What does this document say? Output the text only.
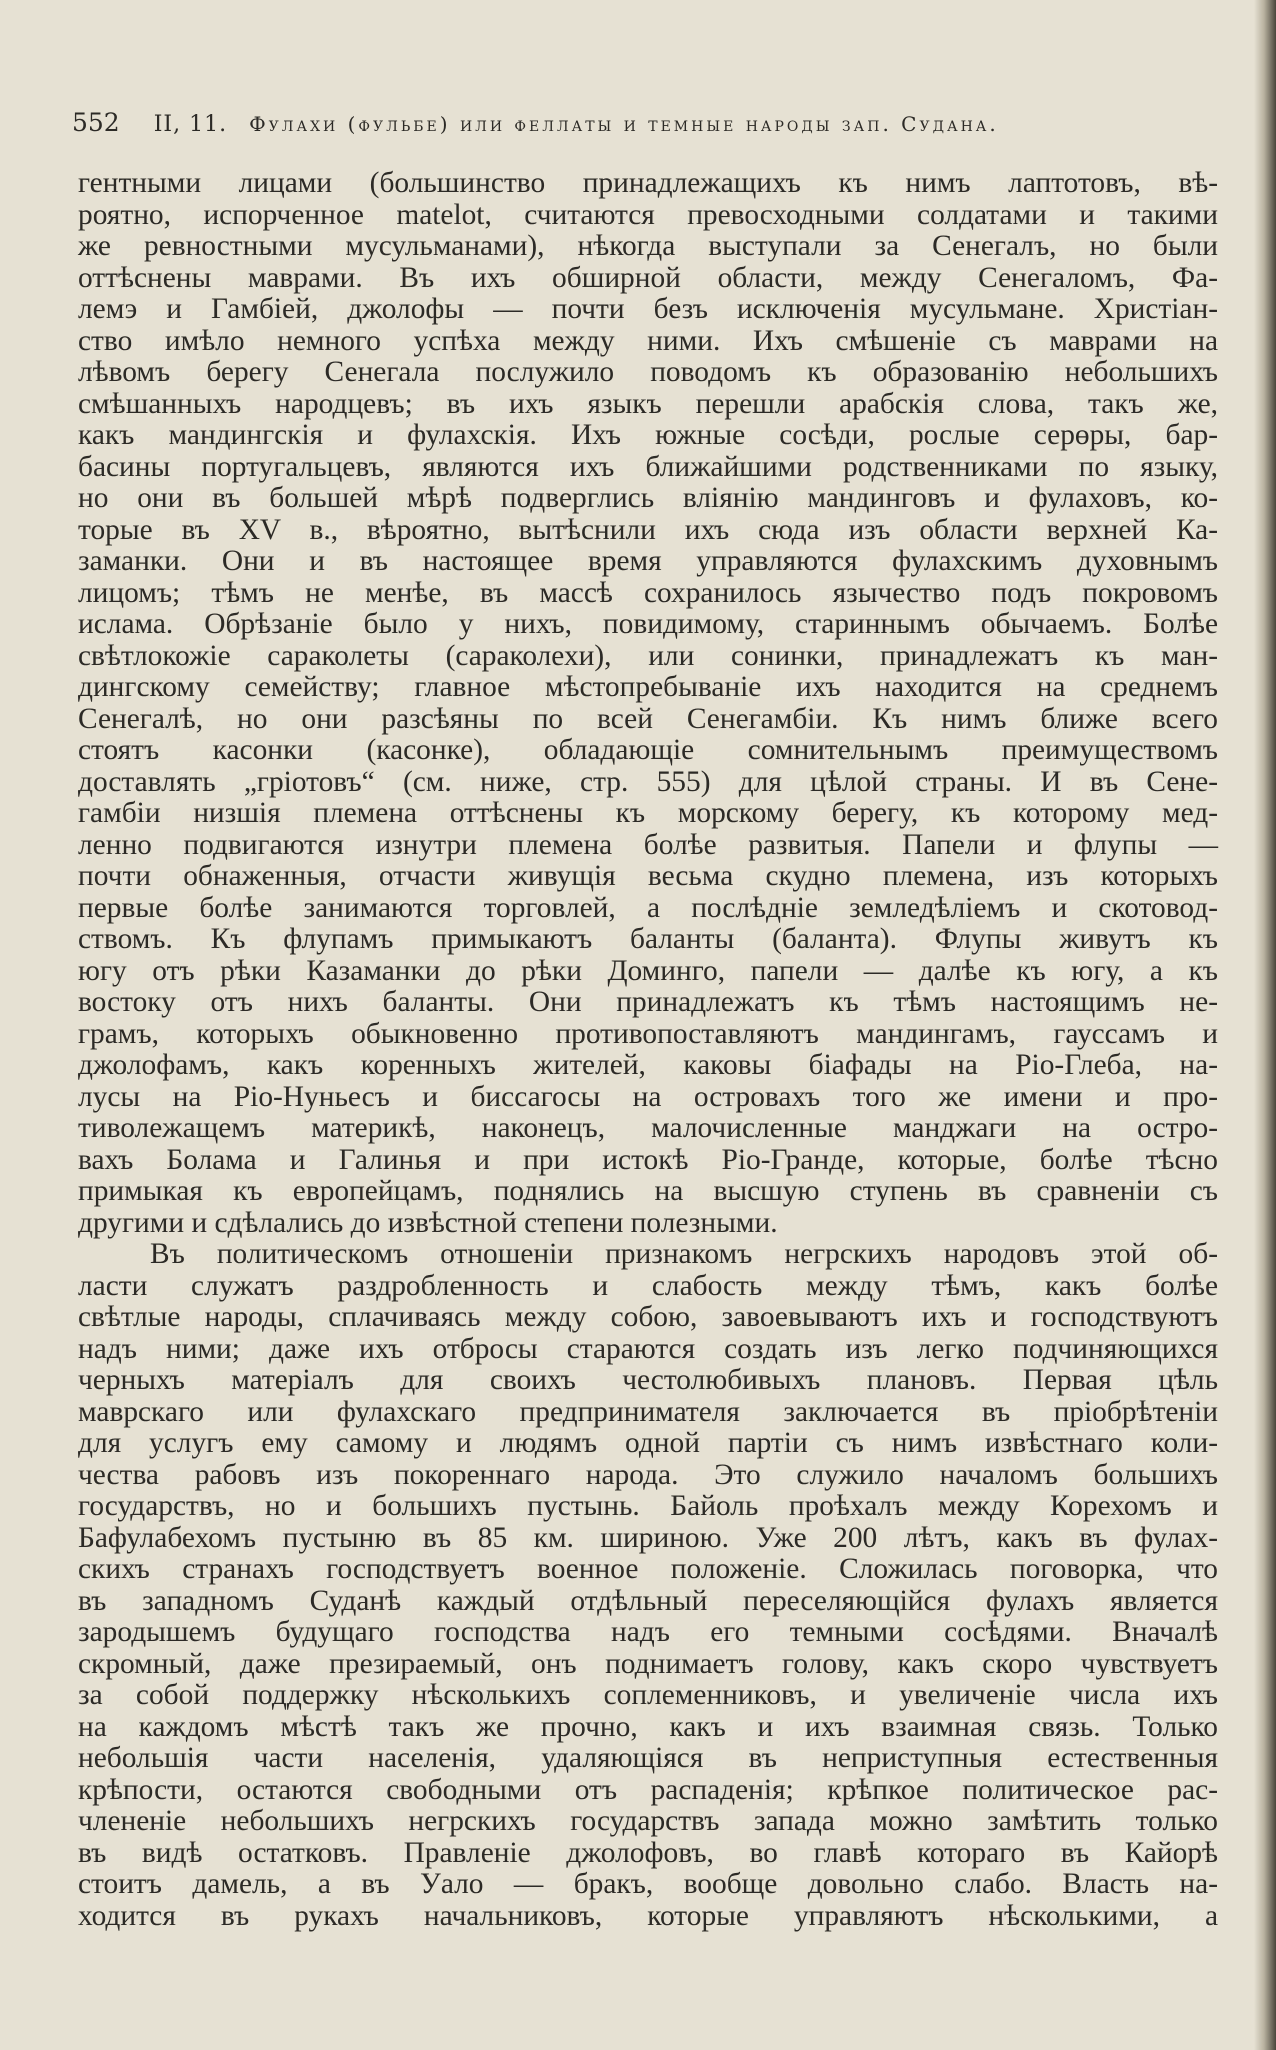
552 II, 11. Фулахи (фульбе) или феллаты и темные народы зап. Судана.
гентными лицами (большинство принадлежащихъ къ нимъ лаптотовъ, вѣ-
роятно, испорченное matelot, считаются превосходными солдатами и такими
же ревностными мусульманами), нѣкогда выступали за Сенегалъ, но были
оттѣснены маврами. Въ ихъ обширной области, между Сенегаломъ, Фа-
лемэ и Гамбіей, джолофы — почти безъ исключенія мусульмане. Христіан-
ство имѣло немного успѣха между ними. Ихъ смѣшеніе съ маврами на
лѣвомъ берегу Сенегала послужило поводомъ къ образованію небольшихъ
смѣшанныхъ народцевъ; въ ихъ языкъ перешли арабскія слова, такъ же,
какъ мандингскія и фулахскія. Ихъ южные сосѣди, рослые серөры, бар-
басины португальцевъ, являются ихъ ближайшими родственниками по языку,
но они въ большей мѣрѣ подверглись вліянію мандинговъ и фулаховъ, ко-
торые въ XV в., вѣроятно, вытѣснили ихъ сюда изъ области верхней Ка-
заманки. Они и въ настоящее время управляются фулахскимъ духовнымъ
лицомъ; тѣмъ не менѣе, въ массѣ сохранилось язычество подъ покровомъ
ислама. Обрѣзаніе было у нихъ, повидимому, стариннымъ обычаемъ. Болѣе
свѣтлокожіе сараколеты (сараколехи), или сонинки, принадлежатъ къ ман-
дингскому семейству; главное мѣстопребываніе ихъ находится на среднемъ
Сенегалѣ, но они разсѣяны по всей Сенегамбіи. Къ нимъ ближе всего
стоятъ касонки (касонке), обладающіе сомнительнымъ преимуществомъ
доставлять „гріотовъ“ (см. ниже, стр. 555) для цѣлой страны. И въ Сене-
гамбіи низшія племена оттѣснены къ морскому берегу, къ которому мед-
ленно подвигаются изнутри племена болѣе развитыя. Папели и флупы —
почти обнаженныя, отчасти живущія весьма скудно племена, изъ которыхъ
первые болѣе занимаются торговлей, а послѣдніе земледѣліемъ и скотовод-
ствомъ. Къ флупамъ примыкаютъ баланты (баланта). Флупы живутъ къ
югу отъ рѣки Казаманки до рѣки Доминго, папели — далѣе къ югу, а къ
востоку отъ нихъ баланты. Они принадлежатъ къ тѣмъ настоящимъ не-
грамъ, которыхъ обыкновенно противопоставляютъ мандингамъ, гауссамъ и
джолофамъ, какъ коренныхъ жителей, каковы біафады на Ріо-Глеба, на-
лусы на Ріо-Нуньесъ и биссагосы на островахъ того же имени и про-
тиволежащемъ материкѣ, наконецъ, малочисленные манджаги на остро-
вахъ Болама и Галинья и при истокѣ Ріо-Гранде, которые, болѣе тѣсно
примыкая къ европейцамъ, поднялись на высшую ступень въ сравненіи съ
другими и сдѣлались до извѣстной степени полезными.
Въ политическомъ отношеніи признакомъ негрскихъ народовъ этой об-
ласти служатъ раздробленность и слабость между тѣмъ, какъ болѣе
свѣтлые народы, сплачиваясь между собою, завоевываютъ ихъ и господствуютъ
надъ ними; даже ихъ отбросы стараются создать изъ легко подчиняющихся
черныхъ матеріалъ для своихъ честолюбивыхъ плановъ. Первая цѣль
маврскаго или фулахскаго предпринимателя заключается въ пріобрѣтеніи
для услугъ ему самому и людямъ одной партіи съ нимъ извѣстнаго коли-
чества рабовъ изъ покореннаго народа. Это служило началомъ большихъ
государствъ, но и большихъ пустынь. Байоль проѣхалъ между Корехомъ и
Бафулабехомъ пустыню въ 85 км. шириною. Уже 200 лѣтъ, какъ въ фулах-
скихъ странахъ господствуетъ военное положеніе. Сложилась поговорка, что
въ западномъ Суданѣ каждый отдѣльный переселяющійся фулахъ является
зародышемъ будущаго господства надъ его темными сосѣдями. Вначалѣ
скромный, даже презираемый, онъ поднимаетъ голову, какъ скоро чувствуетъ
за собой поддержку нѣсколькихъ соплеменниковъ, и увеличеніе числа ихъ
на каждомъ мѣстѣ такъ же прочно, какъ и ихъ взаимная связь. Только
небольшія части населенія, удаляющіяся въ неприступныя естественныя
крѣпости, остаются свободными отъ распаденія; крѣпкое политическое рас-
члененіе небольшихъ негрскихъ государствъ запада можно замѣтить только
въ видѣ остатковъ. Правленіе джолофовъ, во главѣ котораго въ Кайорѣ
стоитъ дамель, а въ Уало — бракъ, вообще довольно слабо. Власть на-
ходится въ рукахъ начальниковъ, которые управляютъ нѣсколькими, а
